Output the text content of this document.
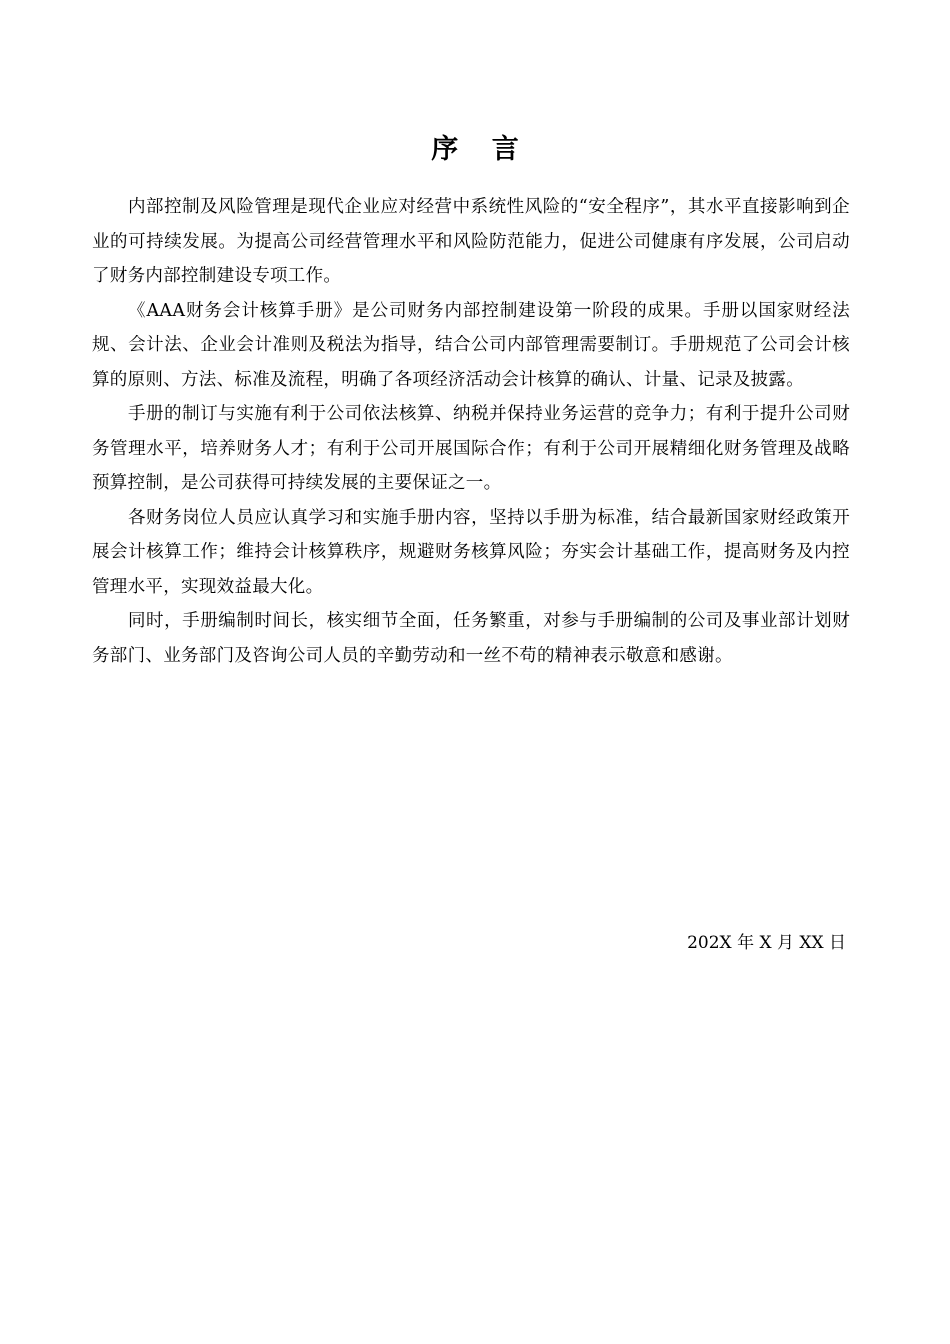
序 言

内部控制及风险管理是现代企业应对经营中系统性风险的“安全程序”，其水平直接影响到企业的可持续发展。为提高公司经营管理水平和风险防范能力，促进公司健康有序发展，公司启动了财务内部控制建设专项工作。

《AAA财务会计核算手册》是公司财务内部控制建设第一阶段的成果。手册以国家财经法规、会计法、企业会计准则及税法为指导，结合公司内部管理需要制订。手册规范了公司会计核算的原则、方法、标准及流程，明确了各项经济活动会计核算的确认、计量、记录及披露。

手册的制订与实施有利于公司依法核算、纳税并保持业务运营的竞争力；有利于提升公司财务管理水平，培养财务人才；有利于公司开展国际合作；有利于公司开展精细化财务管理及战略预算控制，是公司获得可持续发展的主要保证之一。

各财务岗位人员应认真学习和实施手册内容，坚持以手册为标准，结合最新国家财经政策开展会计核算工作；维持会计核算秩序，规避财务核算风险；夯实会计基础工作，提高财务及内控管理水平，实现效益最大化。

同时，手册编制时间长，核实细节全面，任务繁重，对参与手册编制的公司及事业部计划财务部门、业务部门及咨询公司人员的辛勤劳动和一丝不苟的精神表示敬意和感谢。

202X 年 X 月 XX 日
